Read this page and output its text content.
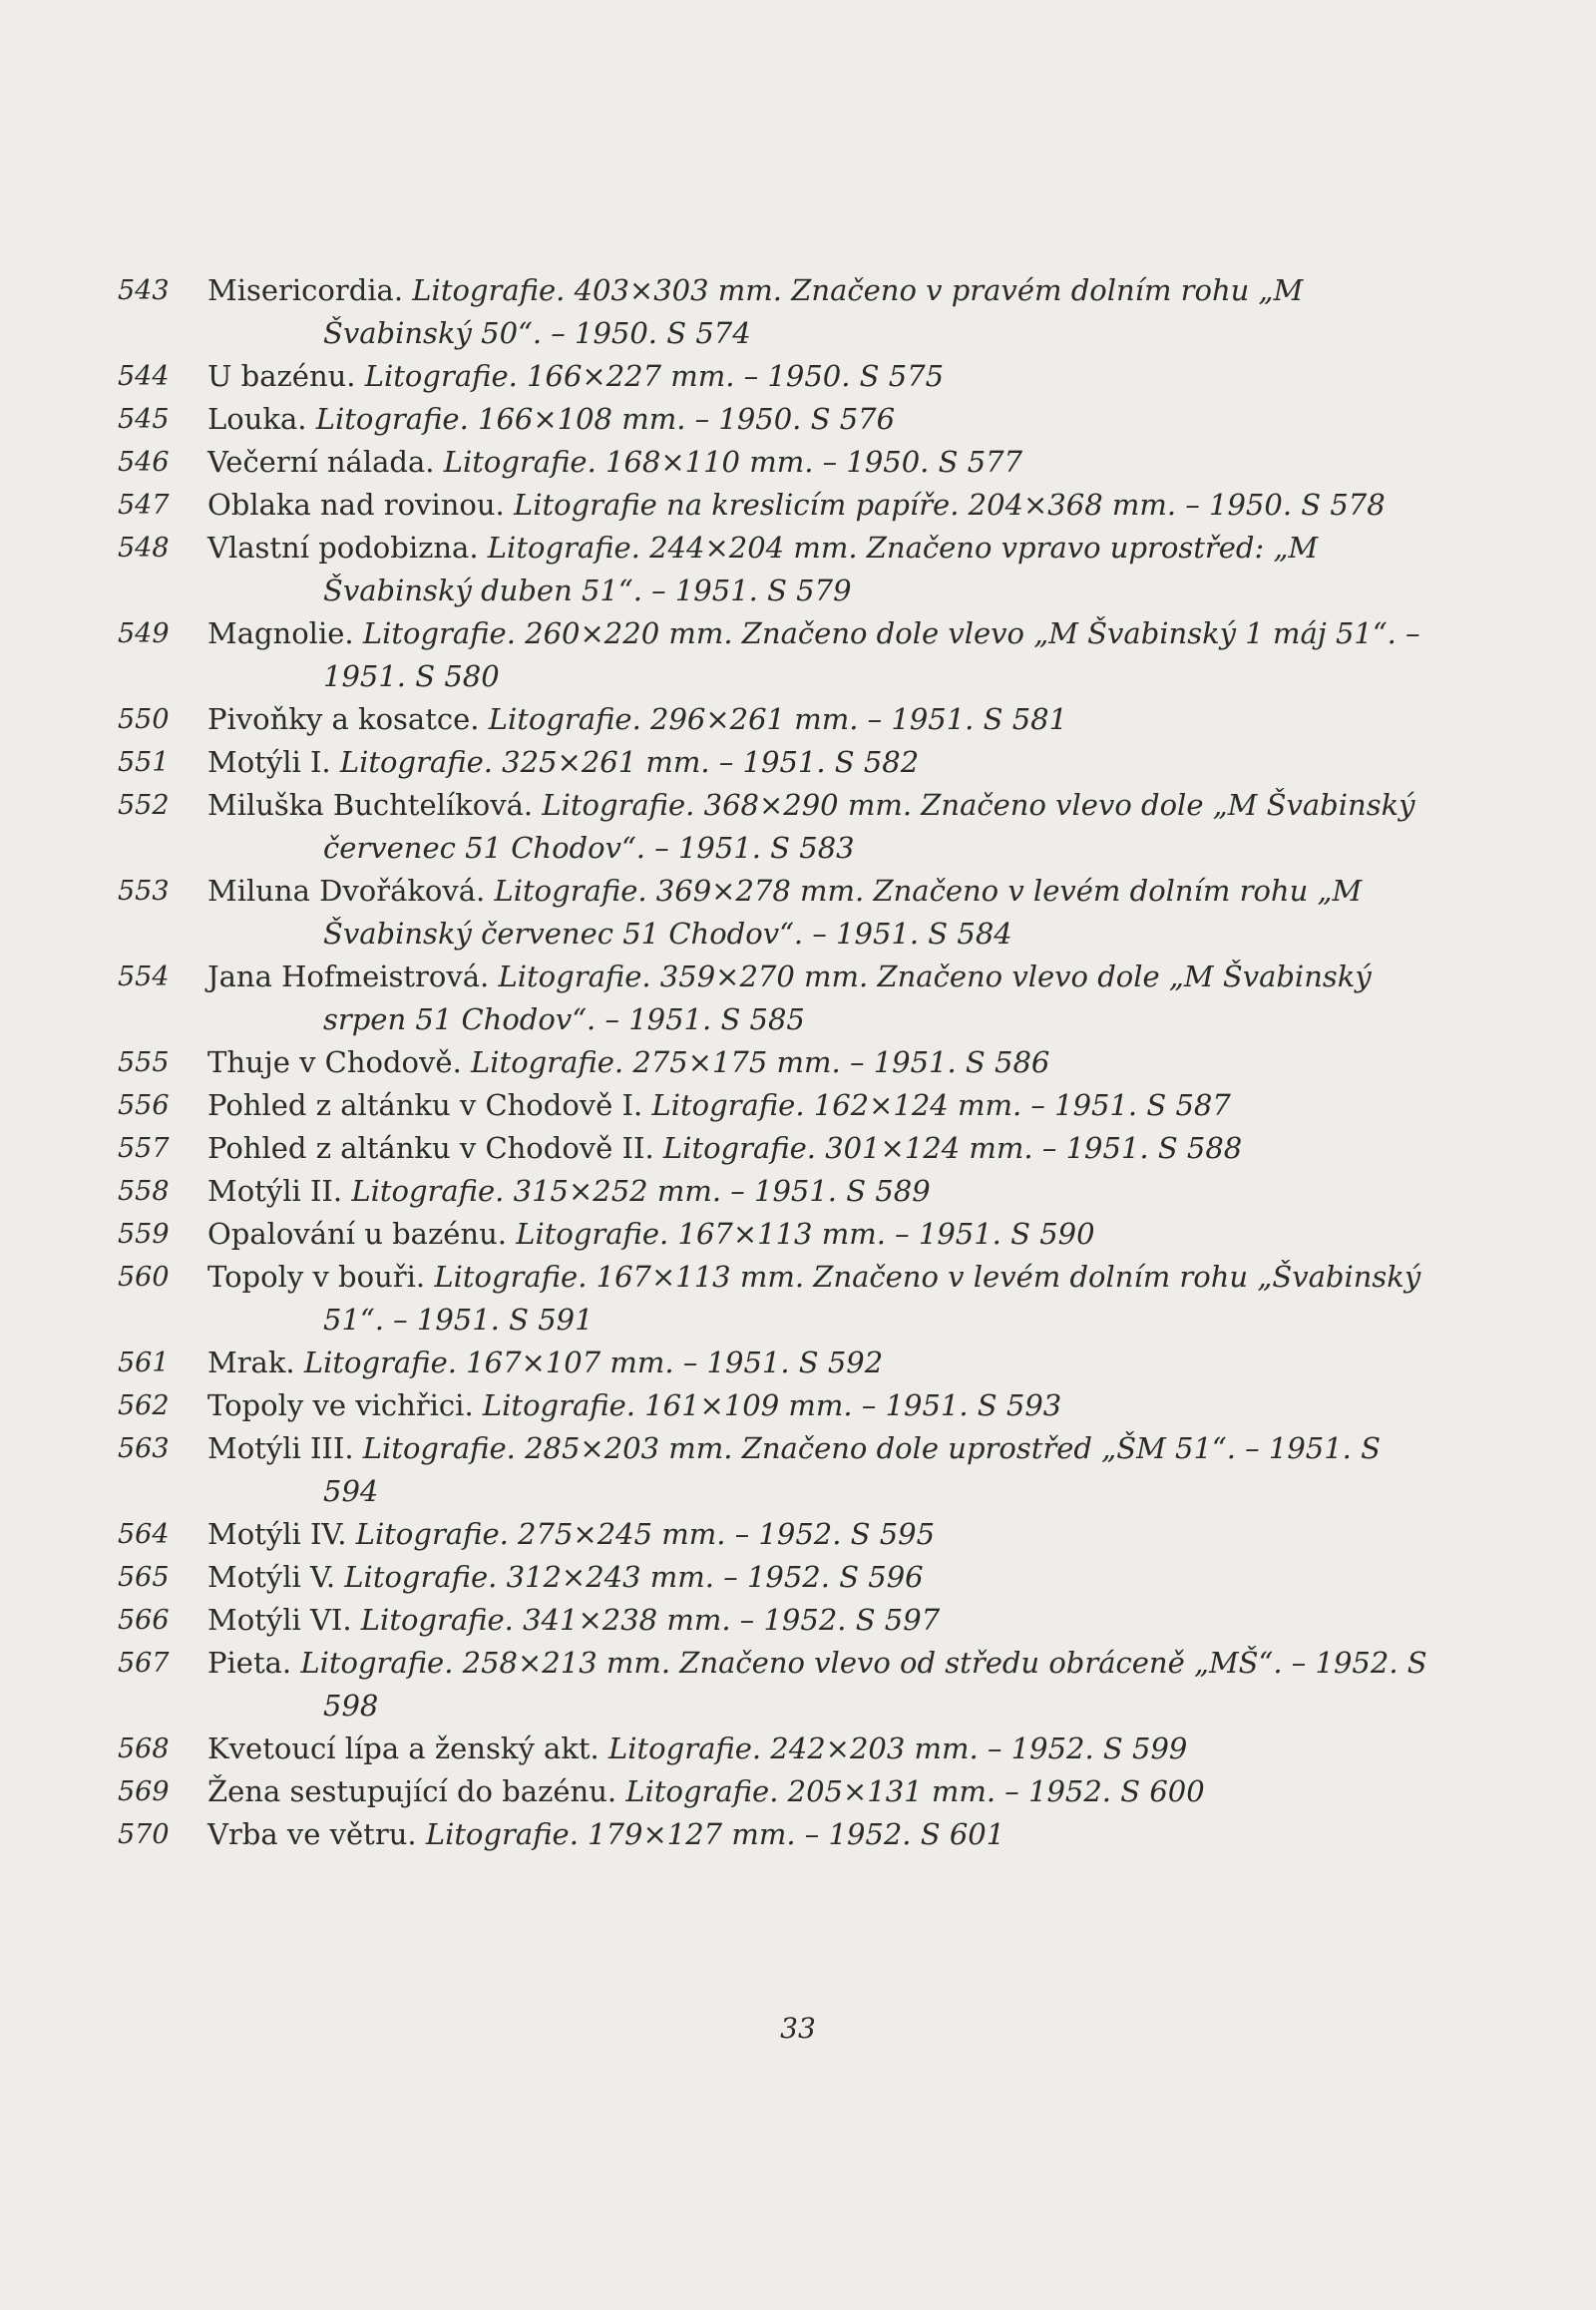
543	Misericordia. Litografie. 403×303 mm. Značeno v pravém dolním rohu „M Švabinský 50“. – 1950. S 574
544	U bazénu. Litografie. 166×227 mm. – 1950. S 575
545	Louka. Litografie. 166×108 mm. – 1950. S 576
546	Večerní nálada. Litografie. 168×110 mm. – 1950. S 577
547	Oblaka nad rovinou. Litografie na kreslicím papíře. 204×368 mm. – 1950. S 578
548	Vlastní podobizna. Litografie. 244×204 mm. Značeno vpravo uprostřed: „M Švabinský duben 51“. – 1951. S 579
549	Magnolie. Litografie. 260×220 mm. Značeno dole vlevo „M Švabinský 1 máj 51“. – 1951. S 580
550	Pivoňky a kosatce. Litografie. 296×261 mm. – 1951. S 581
551	Motýli I. Litografie. 325×261 mm. – 1951. S 582
552	Miluška Buchtelíková. Litografie. 368×290 mm. Značeno vlevo dole „M Švabinský červenec 51 Chodov“. – 1951. S 583
553	Miluna Dvořáková. Litografie. 369×278 mm. Značeno v levém dolním rohu „M Švabinský červenec 51 Chodov“. – 1951. S 584
554	Jana Hofmeistrová. Litografie. 359×270 mm. Značeno vlevo dole „M Švabinský srpen 51 Chodov“. – 1951. S 585
555	Thuje v Chodově. Litografie. 275×175 mm. – 1951. S 586
556	Pohled z altánku v Chodově I. Litografie. 162×124 mm. – 1951. S 587
557	Pohled z altánku v Chodově II. Litografie. 301×124 mm. – 1951. S 588
558	Motýli II. Litografie. 315×252 mm. – 1951. S 589
559	Opalování u bazénu. Litografie. 167×113 mm. – 1951. S 590
560	Topoly v bouři. Litografie. 167×113 mm. Značeno v levém dolním rohu „Švabinský 51“. – 1951. S 591
561	Mrak. Litografie. 167×107 mm. – 1951. S 592
562	Topoly ve vichřici. Litografie. 161×109 mm. – 1951. S 593
563	Motýli III. Litografie. 285×203 mm. Značeno dole uprostřed „ŠM 51“. – 1951. S 594
564	Motýli IV. Litografie. 275×245 mm. – 1952. S 595
565	Motýli V. Litografie. 312×243 mm. – 1952. S 596
566	Motýli VI. Litografie. 341×238 mm. – 1952. S 597
567	Pieta. Litografie. 258×213 mm. Značeno vlevo od středu obráceně „MŠ“. – 1952. S 598
568	Kvetoucí lípa a ženský akt. Litografie. 242×203 mm. – 1952. S 599
569	Žena sestupující do bazénu. Litografie. 205×131 mm. – 1952. S 600
570	Vrba ve větru. Litografie. 179×127 mm. – 1952. S 601
33
